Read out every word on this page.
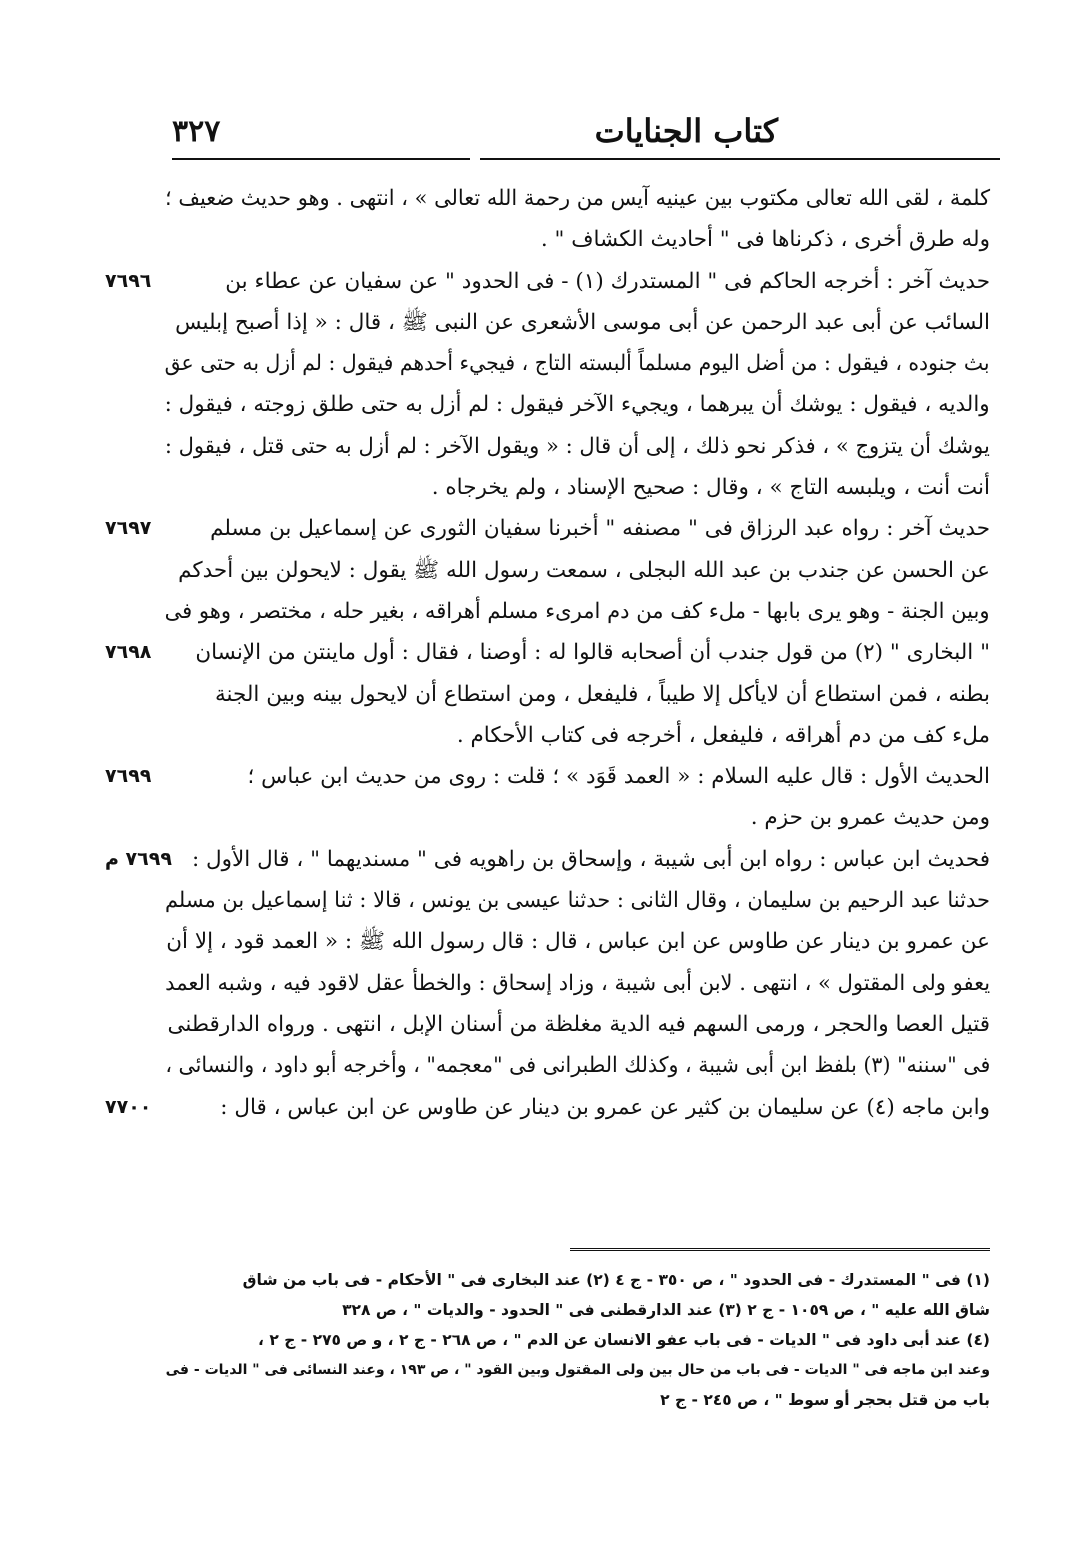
٣٢٧	كتاب الجنايات
كلمة ، لقى الله تعالى مكتوب بين عينيه آيس من رحمة الله تعالى » ، انتهى . وهو حديث ضعيف ؛
وله طرق أخرى ، ذكرناها فى " أحاديث الكشاف " .
حديث آخر : أخرجه الحاكم فى " المستدرك (١) - فى الحدود " عن سفيان عن عطاء بن
٧٦٩٦
السائب عن أبى عبد الرحمن عن أبى موسى الأشعرى عن النبى ﷺ ، قال : « إذا أصبح إبليس
بث جنوده ، فيقول : من أضل اليوم مسلماً ألبسته التاج ، فيجيء أحدهم فيقول : لم أزل به حتى عق
والديه ، فيقول : يوشك أن يبرهما ، ويجيء الآخر فيقول : لم أزل به حتى طلق زوجته ، فيقول :
يوشك أن يتزوج » ، فذكر نحو ذلك ، إلى أن قال : « ويقول الآخر : لم أزل به حتى قتل ، فيقول :
أنت أنت ، ويلبسه التاج » ، وقال : صحيح الإسناد ، ولم يخرجاه .
حديث آخر : رواه عبد الرزاق فى " مصنفه " أخبرنا سفيان الثورى عن إسماعيل بن مسلم
٧٦٩٧
عن الحسن عن جندب بن عبد الله البجلى ، سمعت رسول الله ﷺ يقول : لايحولن بين أحدكم
وبين الجنة - وهو يرى بابها - ملء كف من دم امرىء مسلم أهراقه ، بغير حله ، مختصر ، وهو فى
" البخارى " (٢) من قول جندب أن أصحابه قالوا له : أوصنا ، فقال : أول ماينتن من الإنسان
٧٦٩٨
بطنه ، فمن استطاع أن لايأكل إلا طيباً ، فليفعل ، ومن استطاع أن لايحول بينه وبين الجنة
ملء كف من دم أهراقه ، فليفعل ، أخرجه فى كتاب الأحكام .
الحديث الأول : قال عليه السلام : « العمد قَوَد » ؛ قلت : روى من حديث ابن عباس ؛
٧٦٩٩
ومن حديث عمرو بن حزم .
فحديث ابن عباس : رواه ابن أبى شيبة ، وإسحاق بن راهويه فى " مسنديهما " ، قال الأول :
٧٦٩٩ م
حدثنا عبد الرحيم بن سليمان ، وقال الثانى : حدثنا عيسى بن يونس ، قالا : ثنا إسماعيل بن مسلم
عن عمرو بن دينار عن طاوس عن ابن عباس ، قال : قال رسول الله ﷺ : « العمد قود ، إلا أن
يعفو ولى المقتول » ، انتهى . لابن أبى شيبة ، وزاد إسحاق : والخطأ عقل لاقود فيه ، وشبه العمد
قتيل العصا والحجر ، ورمى السهم فيه الدية مغلظة من أسنان الإبل ، انتهى . ورواه الدارقطنى
فى "سننه" (٣) بلفظ ابن أبى شيبة ، وكذلك الطبرانى فى "معجمه" ، وأخرجه أبو داود ، والنسائى ،
وابن ماجه (٤) عن سليمان بن كثير عن عمرو بن دينار عن طاوس عن ابن عباس ، قال :
٧٧٠٠
(١) فى " المستدرك - فى الحدود " ، ص ٣٥٠ - ج ٤ (٢) عند البخارى فى " الأحكام - فى باب من شاق
شاق الله عليه " ، ص ١٠٥٩ - ج ٢ (٣) عند الدارقطنى فى " الحدود - والديات " ، ص ٣٢٨
(٤) عند أبى داود فى " الديات - فى باب عفو الانسان عن الدم " ، ص ٢٦٨ - ج ٢ ، و ص ٢٧٥ - ج ٢ ،
وعند ابن ماجه فى " الديات - فى باب من حال بين ولى المقتول وبين القود " ، ص ١٩٣ ، وعند النسائى فى " الديات - فى
باب من قتل بحجر أو سوط " ، ص ٢٤٥ - ج ٢
